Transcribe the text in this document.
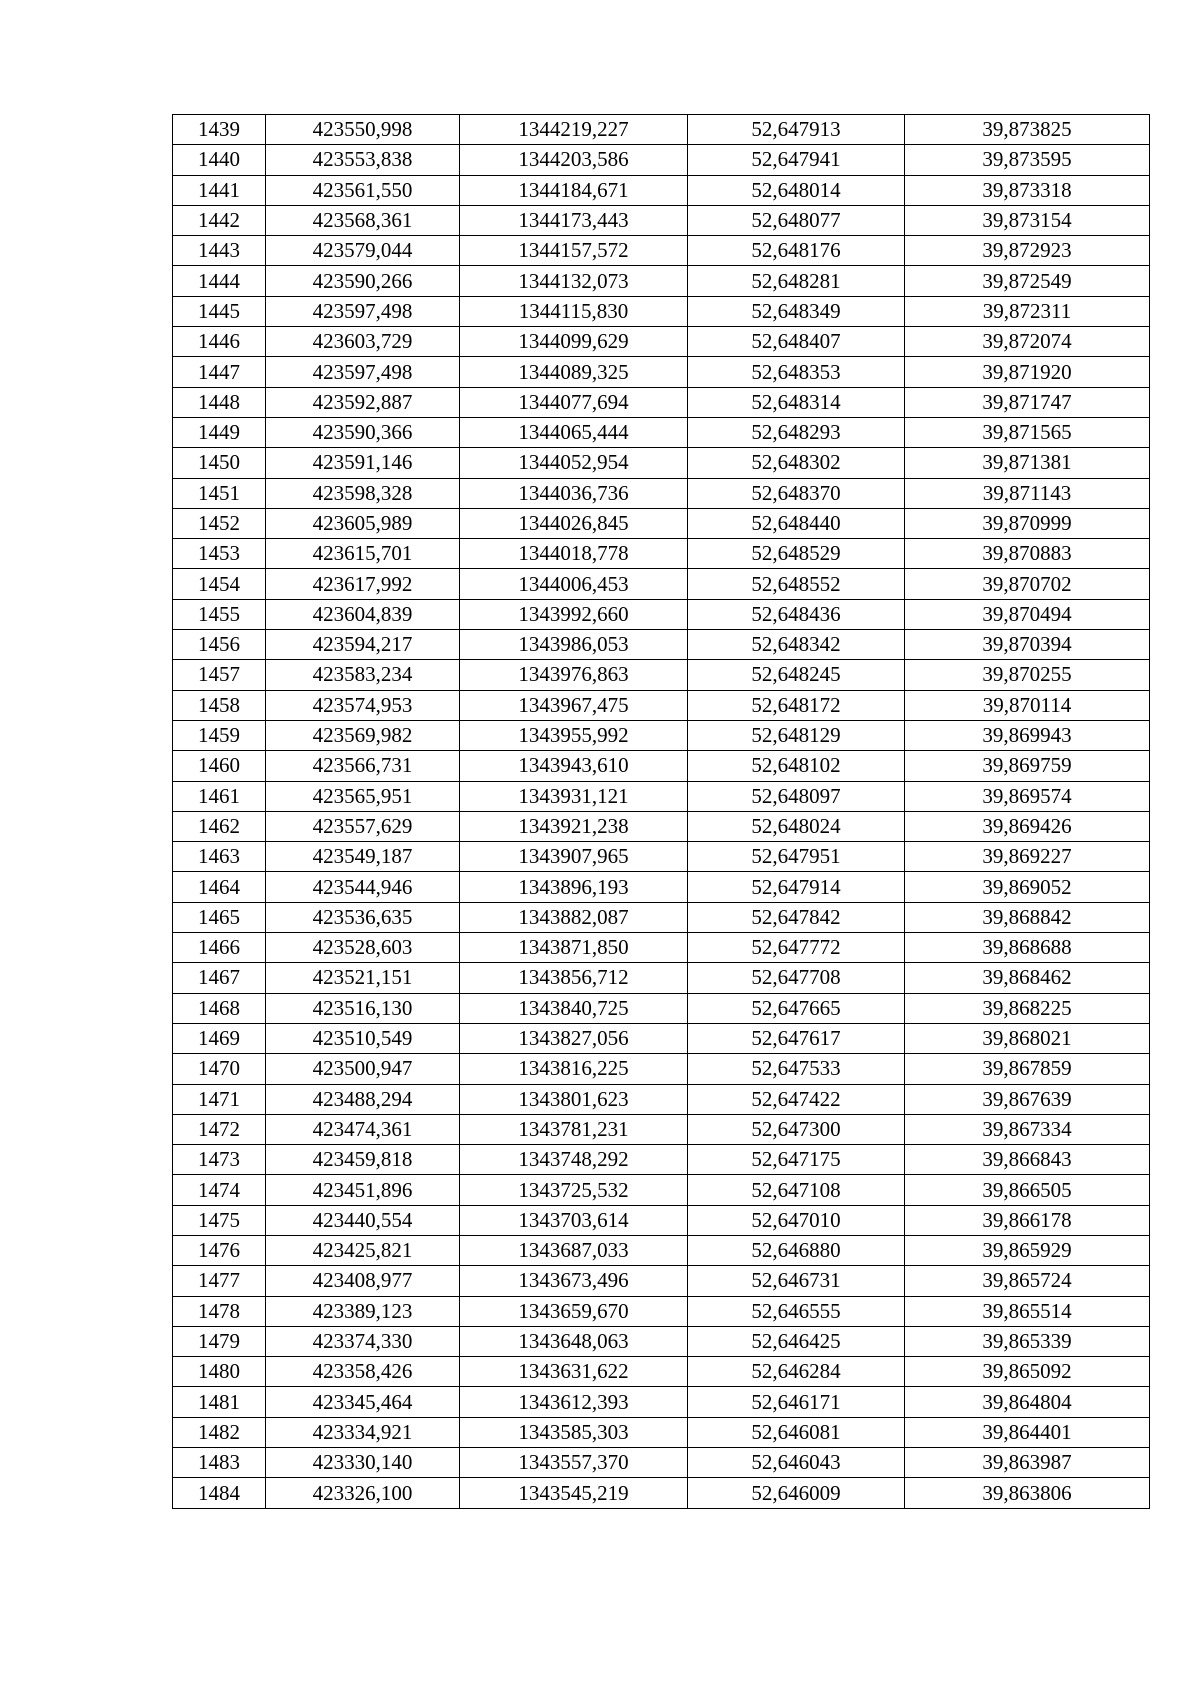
1439	423550,998	1344219,227	52,647913	39,873825
1440	423553,838	1344203,586	52,647941	39,873595
1441	423561,550	1344184,671	52,648014	39,873318
1442	423568,361	1344173,443	52,648077	39,873154
1443	423579,044	1344157,572	52,648176	39,872923
1444	423590,266	1344132,073	52,648281	39,872549
1445	423597,498	1344115,830	52,648349	39,872311
1446	423603,729	1344099,629	52,648407	39,872074
1447	423597,498	1344089,325	52,648353	39,871920
1448	423592,887	1344077,694	52,648314	39,871747
1449	423590,366	1344065,444	52,648293	39,871565
1450	423591,146	1344052,954	52,648302	39,871381
1451	423598,328	1344036,736	52,648370	39,871143
1452	423605,989	1344026,845	52,648440	39,870999
1453	423615,701	1344018,778	52,648529	39,870883
1454	423617,992	1344006,453	52,648552	39,870702
1455	423604,839	1343992,660	52,648436	39,870494
1456	423594,217	1343986,053	52,648342	39,870394
1457	423583,234	1343976,863	52,648245	39,870255
1458	423574,953	1343967,475	52,648172	39,870114
1459	423569,982	1343955,992	52,648129	39,869943
1460	423566,731	1343943,610	52,648102	39,869759
1461	423565,951	1343931,121	52,648097	39,869574
1462	423557,629	1343921,238	52,648024	39,869426
1463	423549,187	1343907,965	52,647951	39,869227
1464	423544,946	1343896,193	52,647914	39,869052
1465	423536,635	1343882,087	52,647842	39,868842
1466	423528,603	1343871,850	52,647772	39,868688
1467	423521,151	1343856,712	52,647708	39,868462
1468	423516,130	1343840,725	52,647665	39,868225
1469	423510,549	1343827,056	52,647617	39,868021
1470	423500,947	1343816,225	52,647533	39,867859
1471	423488,294	1343801,623	52,647422	39,867639
1472	423474,361	1343781,231	52,647300	39,867334
1473	423459,818	1343748,292	52,647175	39,866843
1474	423451,896	1343725,532	52,647108	39,866505
1475	423440,554	1343703,614	52,647010	39,866178
1476	423425,821	1343687,033	52,646880	39,865929
1477	423408,977	1343673,496	52,646731	39,865724
1478	423389,123	1343659,670	52,646555	39,865514
1479	423374,330	1343648,063	52,646425	39,865339
1480	423358,426	1343631,622	52,646284	39,865092
1481	423345,464	1343612,393	52,646171	39,864804
1482	423334,921	1343585,303	52,646081	39,864401
1483	423330,140	1343557,370	52,646043	39,863987
1484	423326,100	1343545,219	52,646009	39,863806
